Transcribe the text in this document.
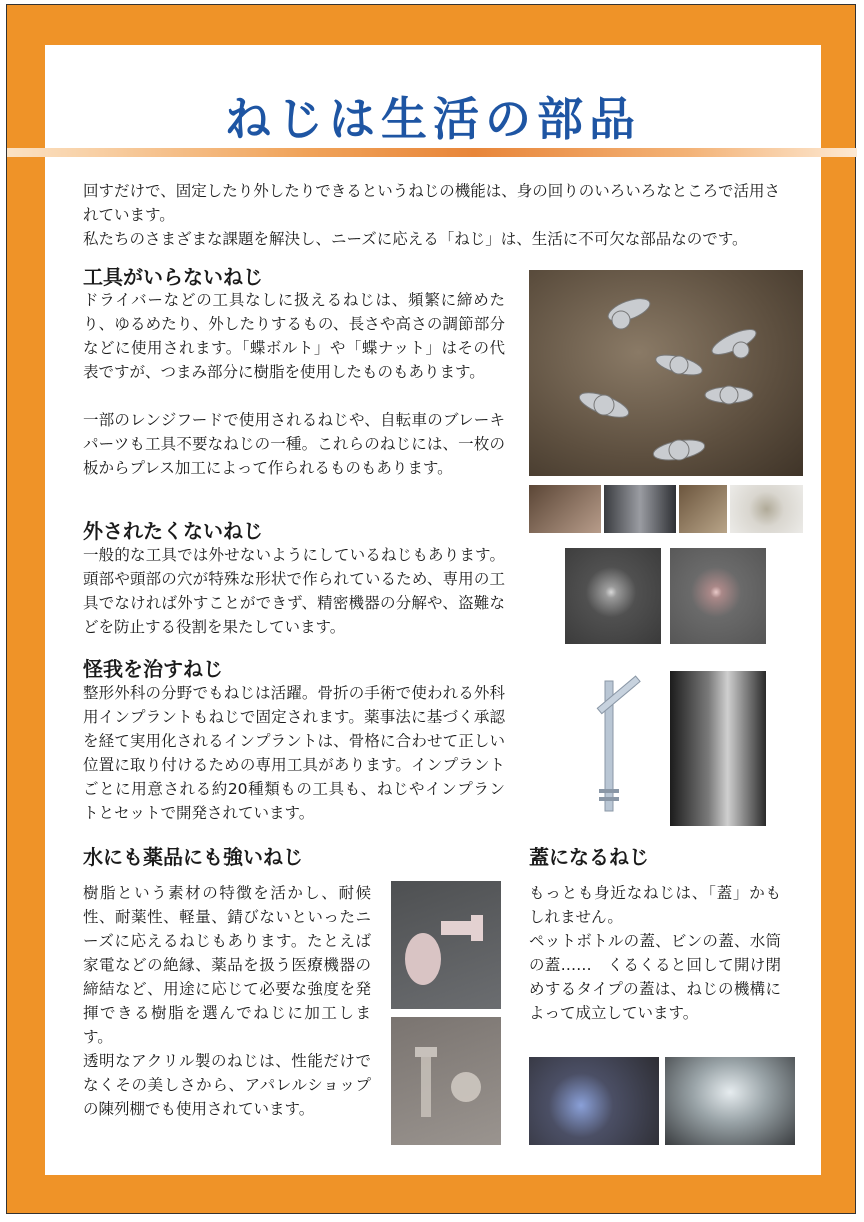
ねじは生活の部品

回すだけで、固定したり外したりできるというねじの機能は、身の回りのいろいろなところで活用されています。

私たちのさまざまな課題を解決し、ニーズに応える「ねじ」は、生活に不可欠な部品なのです。

工具がいらないねじ

ドライバーなどの工具なしに扱えるねじは、頻繁に締めたり、ゆるめたり、外したりするもの、長さや高さの調節部分などに使用されます。「蝶ボルト」や「蝶ナット」はその代表ですが、つまみ部分に樹脂を使用したものもあります。

一部のレンジフードで使用されるねじや、自転車のブレーキパーツも工具不要なねじの一種。これらのねじには、一枚の板からプレス加工によって作られるものもあります。

外されたくないねじ

一般的な工具では外せないようにしているねじもあります。頭部や頭部の穴が特殊な形状で作られているため、専用の工具でなければ外すことができず、精密機器の分解や、盗難などを防止する役割を果たしています。

怪我を治すねじ

整形外科の分野でもねじは活躍。骨折の手術で使われる外科用インプラントもねじで固定されます。薬事法に基づく承認を経て実用化されるインプラントは、骨格に合わせて正しい位置に取り付けるための専用工具があります。インプラントごとに用意される約20種類もの工具も、ねじやインプラントとセットで開発されています。

水にも薬品にも強いねじ

樹脂という素材の特徴を活かし、耐候性、耐薬性、軽量、錆びないといったニーズに応えるねじもあります。たとえば家電などの絶縁、薬品を扱う医療機器の締結など、用途に応じて必要な強度を発揮できる樹脂を選んでねじに加工します。

透明なアクリル製のねじは、性能だけでなくその美しさから、アパレルショップの陳列棚でも使用されています。

蓋になるねじ

もっとも身近なねじは、「蓋」かもしれません。

ペットボトルの蓋、ビンの蓋、水筒の蓋……　くるくると回して開け閉めするタイプの蓋は、ねじの機構によって成立しています。
